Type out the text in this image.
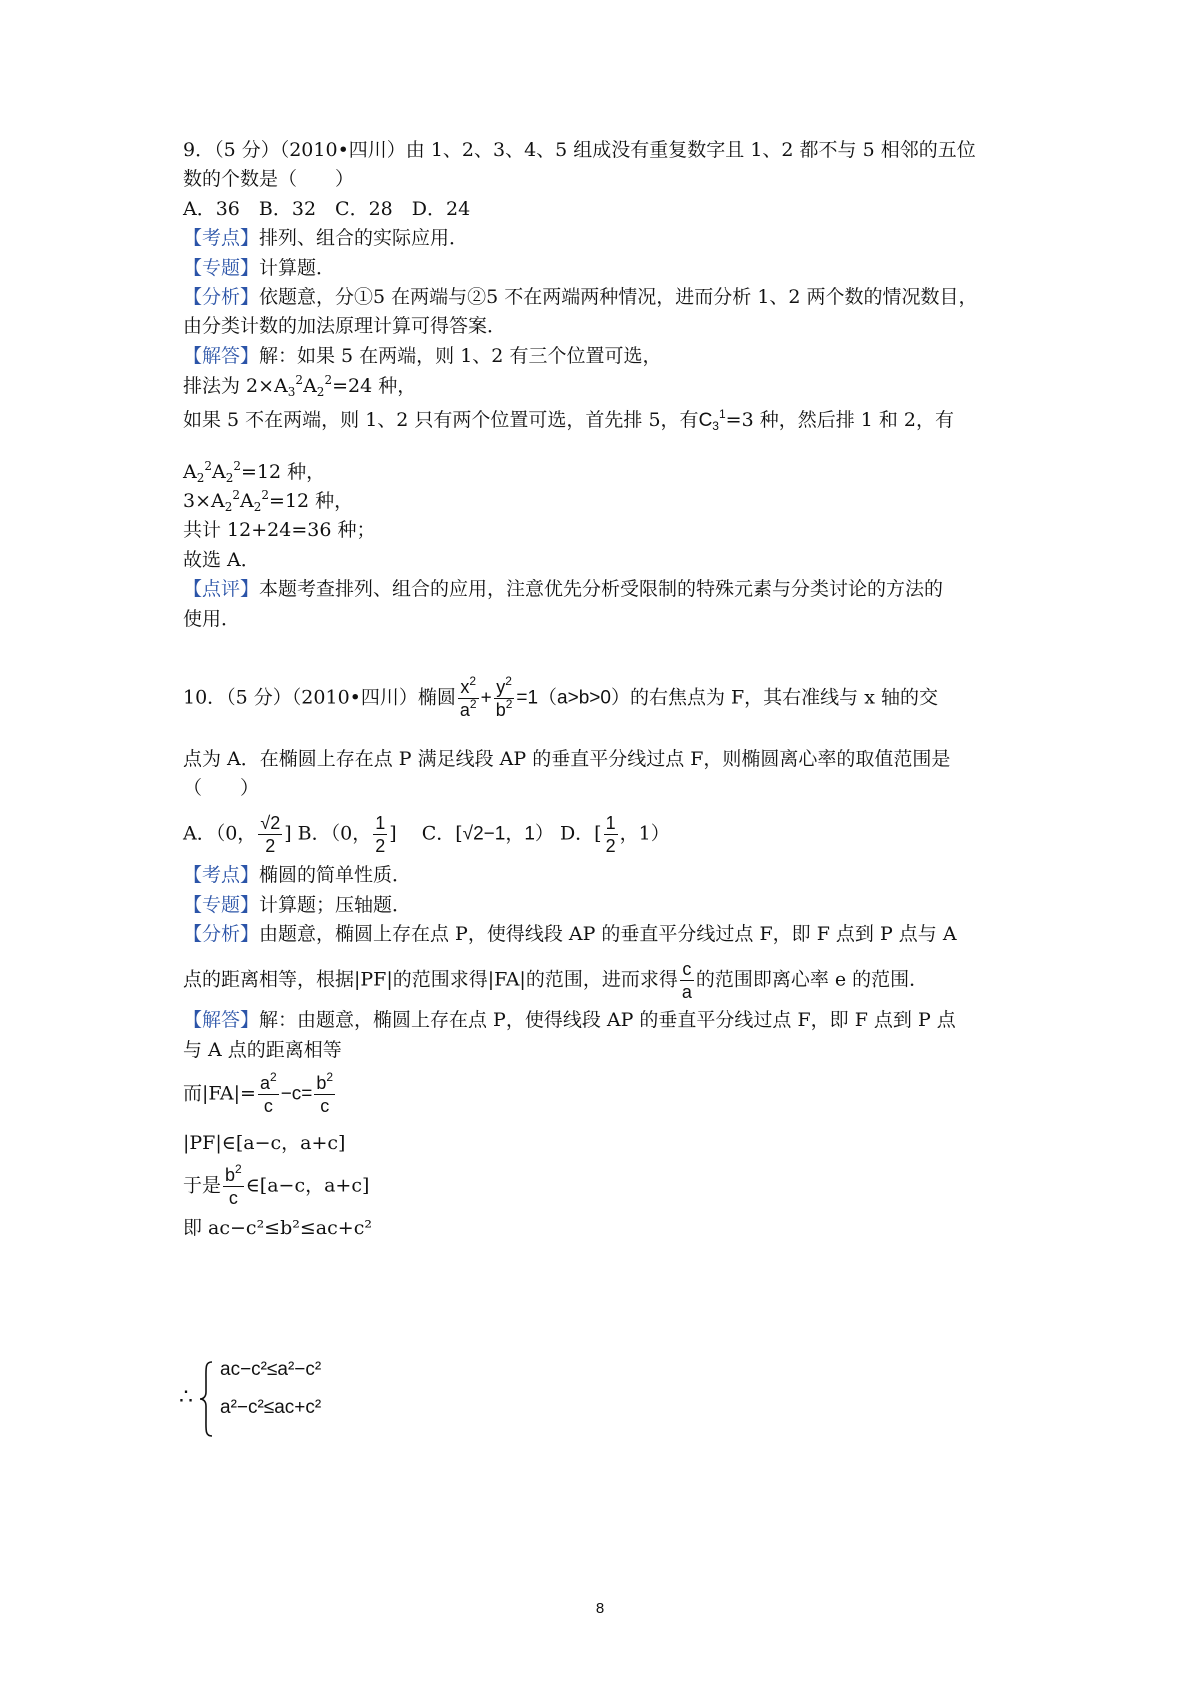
9．（5 分）（2010•四川）由 1、2、3、4、5 组成没有重复数字且 1、2 都不与 5 相邻的五位
数的个数是（　　）
A．36　B．32　C．28　D．24
【考点】排列、组合的实际应用．
【专题】计算题．
【分析】依题意，分①5 在两端与②5 不在两端两种情况，进而分析 1、2 两个数的情况数目，
由分类计数的加法原理计算可得答案．
【解答】解：如果 5 在两端，则 1、2 有三个位置可选，
排法为 $2\times A_3^2A_2^2=24$ 种，
如果 5 不在两端，则 1、2 只有两个位置可选，首先排 5，有$C_3^1=3$ 种，然后排 1 和 2，有
$A_2^2A_2^2=12$ 种，
$3\times A_2^2A_2^2=12$ 种，
共计 12+24=36 种；
故选 A．
【点评】本题考查排列、组合的应用，注意优先分析受限制的特殊元素与分类讨论的方法的
使用．
10．（5 分）（2010•四川）椭圆 $\frac{x^2}{a^2} + \frac{y^2}{b^2} =1(a>b>0)$的右焦点为 F，其右准线与 x 轴的交
点为 A．在椭圆上存在点 P 满足线段 AP 的垂直平分线过点 F，则椭圆离心率的取值范围是
（　　）
A．（0， $\frac{√2}{2}$ ] B．（0， $\frac{1}{2}$ ]　 C．[√2−1，1） D．[ $\frac{1}{2}$ ，1）
【考点】椭圆的简单性质．
【专题】计算题；压轴题．
【分析】由题意，椭圆上存在点 P，使得线段 AP 的垂直平分线过点 F，即 F 点到 P 点与 A
点的距离相等，根据|PF|的范围求得|FA|的范围，进而求得 $\frac{c}{a}$ 的范围即离心率 e 的范围．
【解答】解：由题意，椭圆上存在点 P，使得线段 AP 的垂直平分线过点 F，即 F 点到 P 点
与 A 点的距离相等
而$|FA|= \frac{a^2}{c} -c= \frac{b^2}{c}$
|PF|∈[a−c，a+c]
于是 $\frac{b^2}{c}$ ∈[a−c，a+c]
即 ac−c²≤b²≤ac+c²
∴
ac−c²≤a²−c²
a²−c²≤ac+c²
8
